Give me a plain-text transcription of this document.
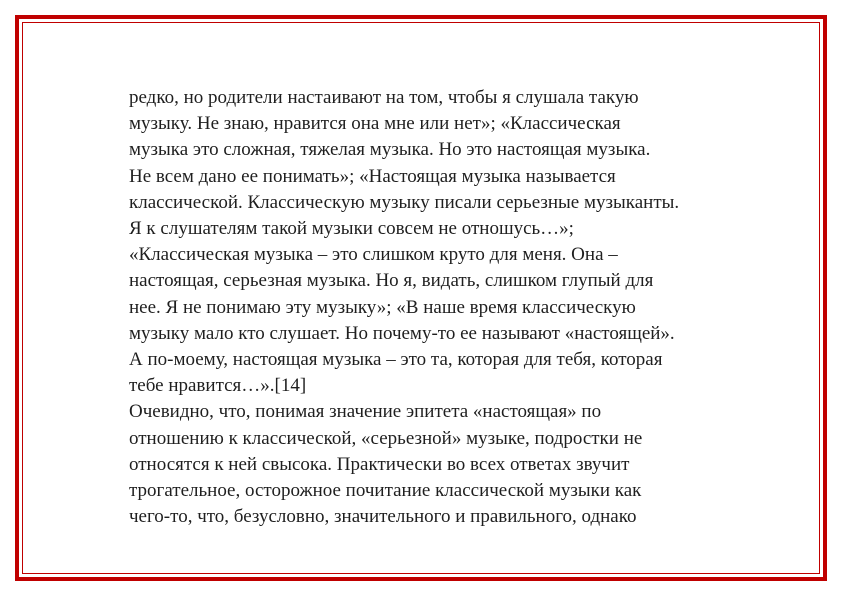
редко, но родители настаивают на том, чтобы я слушала такую
музыку. Не знаю, нравится она мне или нет»; «Классическая
музыка это сложная, тяжелая музыка. Но это настоящая музыка.
Не всем дано ее понимать»; «Настоящая музыка называется
классической. Классическую музыку писали серьезные музыканты.
Я к слушателям такой музыки совсем не отношусь…»;
«Классическая музыка – это слишком круто для меня. Она –
настоящая, серьезная музыка. Но я, видать, слишком глупый для
нее. Я не понимаю эту музыку»; «В наше время классическую
музыку мало кто слушает. Но почему-то ее называют «настоящей».
А по-моему, настоящая музыка – это та, которая для тебя, которая
тебе нравится…».[14]
Очевидно, что, понимая значение эпитета «настоящая» по
отношению к классической, «серьезной» музыке, подростки не
относятся к ней свысока. Практически во всех ответах звучит
трогательное, осторожное почитание классической музыки как
чего-то, что, безусловно, значительного и правильного, однако
